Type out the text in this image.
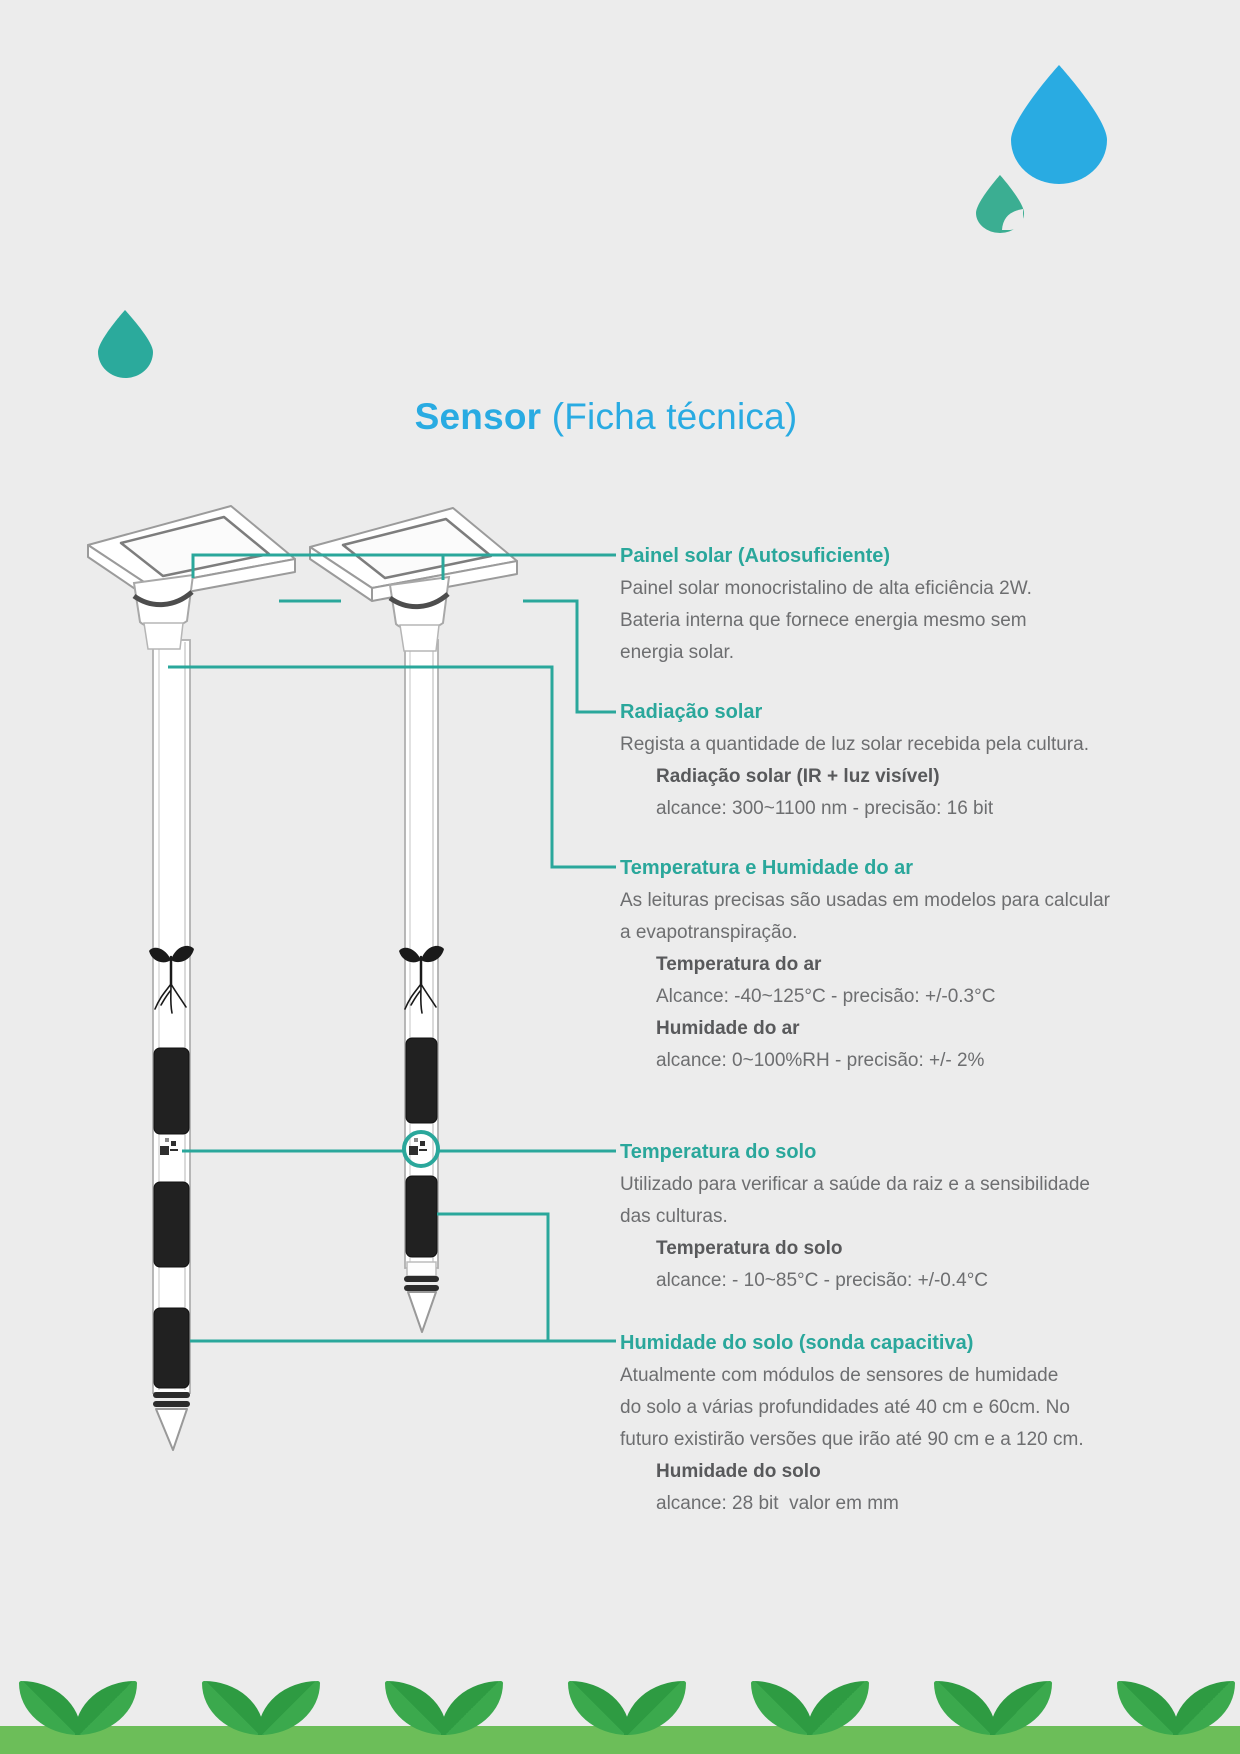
Sensor (Ficha técnica)
Painel solar (Autosuficiente)
Painel solar monocristalino de alta eficiência 2W.
Bateria interna que fornece energia mesmo sem
energia solar.
Radiação solar
Regista a quantidade de luz solar recebida pela cultura.
Radiação solar (IR + luz visível)
alcance: 300~1100 nm - precisão: 16 bit
Temperatura e Humidade do ar
As leituras precisas são usadas em modelos para calcular
a evapotranspiração.
Temperatura do ar
Alcance: -40~125°C - precisão: +/-0.3°C
Humidade do ar
alcance: 0~100%RH - precisão: +/- 2%
Temperatura do solo
Utilizado para verificar a saúde da raiz e a sensibilidade
das culturas.
Temperatura do solo
alcance: - 10~85°C - precisão: +/-0.4°C
Humidade do solo (sonda capacitiva)
Atualmente com módulos de sensores de humidade
do solo a várias profundidades até 40 cm e 60cm. No
futuro existirão versões que irão até 90 cm e a 120 cm.
Humidade do solo
alcance: 28 bit  valor em mm
